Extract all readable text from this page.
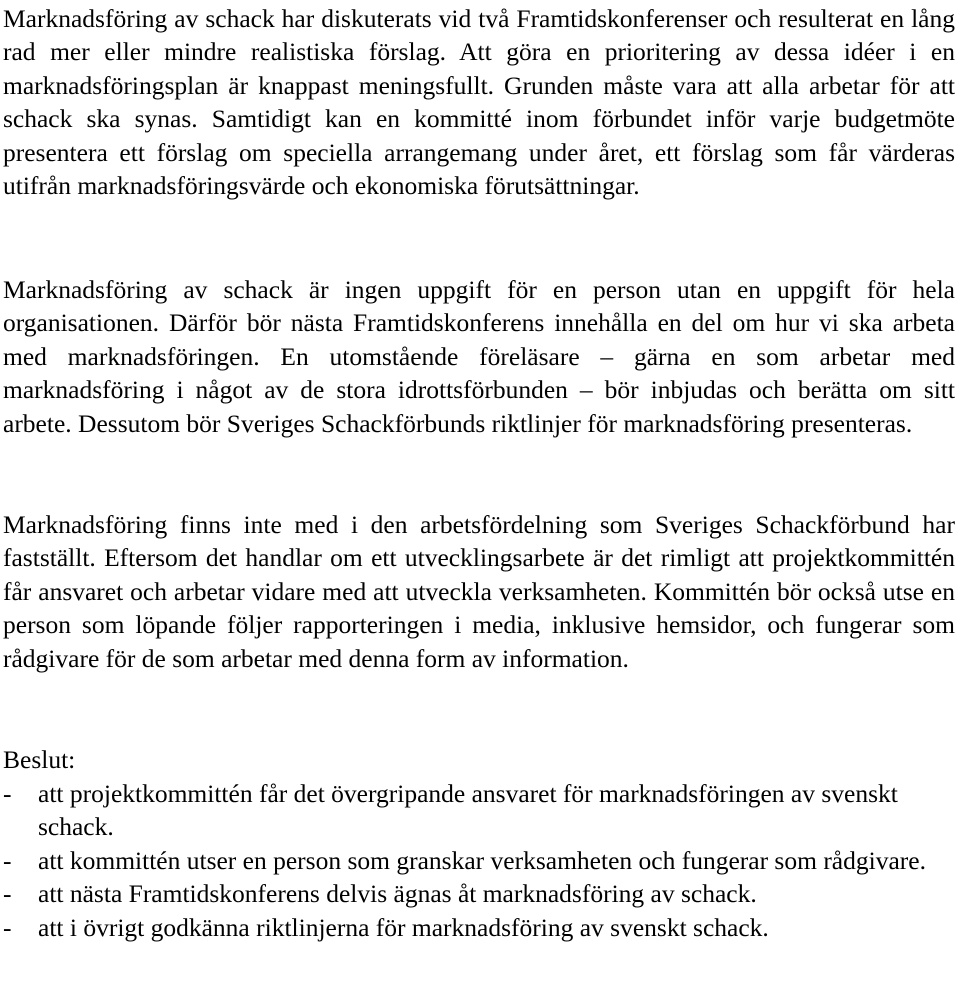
Marknadsföring av schack har diskuterats vid två Framtidskonferenser och resulterat en lång rad mer eller mindre realistiska förslag. Att göra en prioritering av dessa idéer i en marknadsföringsplan är knappast meningsfullt. Grunden måste vara att alla arbetar för att schack ska synas. Samtidigt kan en kommitté inom förbundet inför varje budgetmöte presentera ett förslag om speciella arrangemang under året, ett förslag som får värderas utifrån marknadsföringsvärde och ekonomiska förutsättningar.

Marknadsföring av schack är ingen uppgift för en person utan en uppgift för hela organisationen. Därför bör nästa Framtidskonferens innehålla en del om hur vi ska arbeta med marknadsföringen. En utomstående föreläsare – gärna en som arbetar med marknadsföring i något av de stora idrottsförbunden – bör inbjudas och berätta om sitt arbete. Dessutom bör Sveriges Schackförbunds riktlinjer för marknadsföring presenteras.

Marknadsföring finns inte med i den arbetsfördelning som Sveriges Schackförbund har fastställt. Eftersom det handlar om ett utvecklingsarbete är det rimligt att projektkommittén får ansvaret och arbetar vidare med att utveckla verksamheten. Kommittén bör också utse en person som löpande följer rapporteringen i media, inklusive hemsidor, och fungerar som rådgivare för de som arbetar med denna form av information.

Beslut:

-	att projektkommittén får det övergripande ansvaret för marknadsföringen av svenskt schack.
-	att kommittén utser en person som granskar verksamheten och fungerar som rådgivare.
-	att nästa Framtidskonferens delvis ägnas åt marknadsföring av schack.
-	att i övrigt godkänna riktlinjerna för marknadsföring av svenskt schack.
